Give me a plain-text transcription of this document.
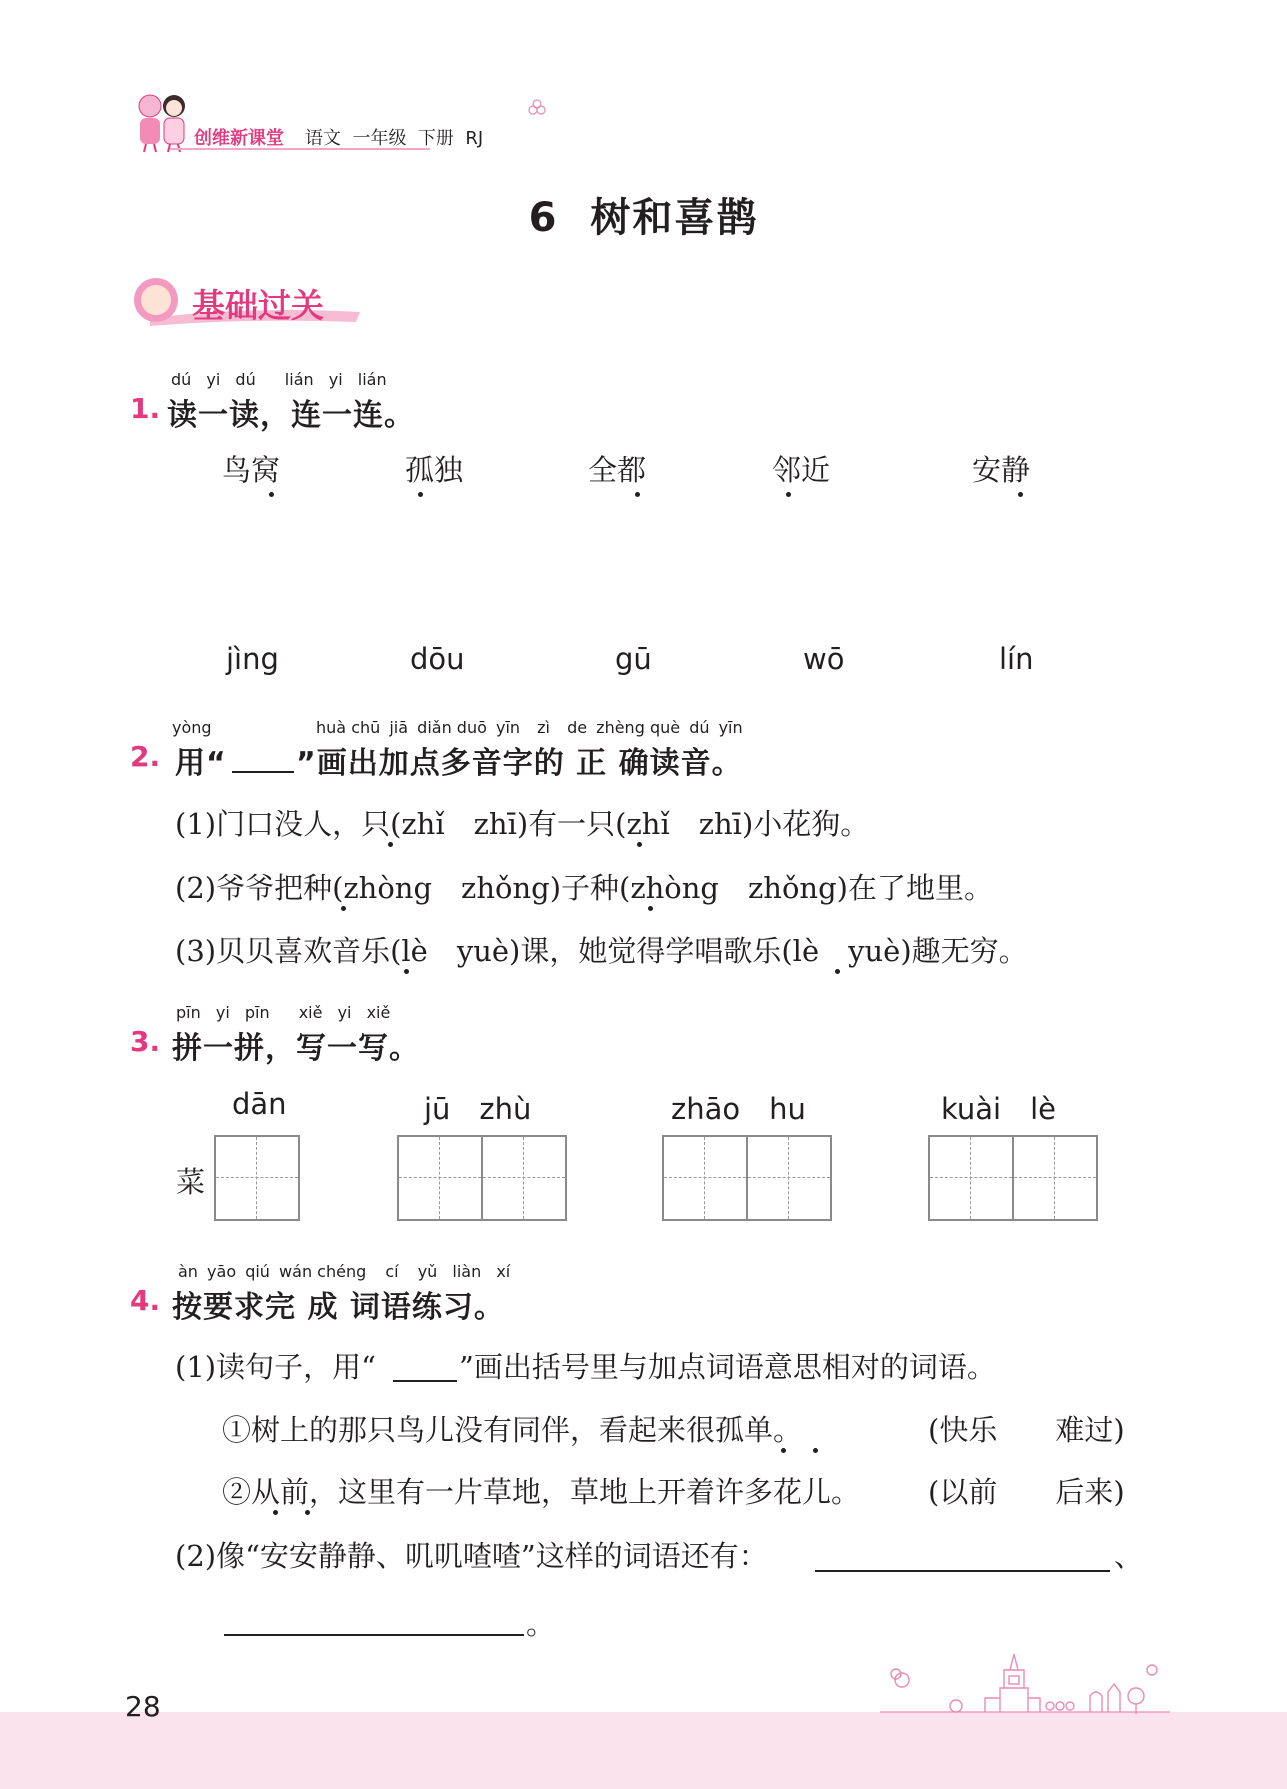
创维新课堂 语文  一年级  下册  RJ
6  树和喜鹊
基础过关
dú yi dú lián yi lián
1. 读一读，连一连。
鸟窝	孤独	全都	邻近	安静
jìng	dōu	gū	wō	lín
yòng	huà chū jiā diǎn duō yīn zì de zhèng què dú yīn
2. 用“ ”画出加点多音字的 正 确读音。
(1)门口没人，只(zhǐ　zhī)有一只(zhǐ　zhī)小花狗。
(2)爷爷把种(zhòng　zhǒng)子种(zhòng　zhǒng)在了地里。
(3)贝贝喜欢音乐(lè　yuè)课，她觉得学唱歌乐(lè　yuè)趣无穷。
pīn yi pīn xiě yi xiě
3. 拼一拼，写一写。
dān	jū　zhù	zhāo　hu	kuài　lè
菜
àn yāo qiú wán chéng cí yǔ liàn xí
4. 按要求完 成 词语练习。
(1)读句子，用“	”画出括号里与加点词语意思相对的词语。
①树上的那只鸟儿没有同伴，看起来很孤单。	(快乐　　难过)
②从前，这里有一片草地，草地上开着许多花儿。 (以前　　后来)
(2)像“安安静静、叽叽喳喳”这样的词语还有：	、
。
28
